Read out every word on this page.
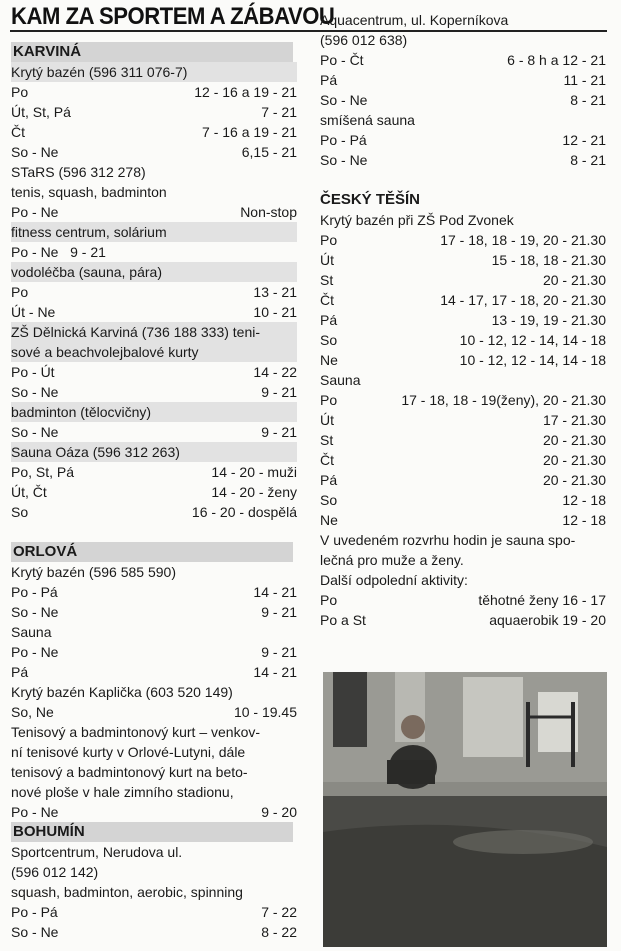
KAM ZA SPORTEM A ZÁBAVOU
KARVINÁ
Krytý bazén (596 311 076-7)
Po	12 - 16 a 19 - 21
Út, St, Pá	7 - 21
Čt	7 - 16 a 19 - 21
So - Ne	6,15 - 21
STaRS (596 312 278)
tenis, squash, badminton
Po - Ne	Non-stop
fitness centrum, solárium
Po - Ne   9 - 21
vodoléčba (sauna, pára)
Po	13 - 21
Út - Ne	10 - 21
ZŠ Dělnická Karviná (736 188 333) teni-
sové a beachvolejbalové kurty
Po - Út	14 - 22
So - Ne	9 - 21
badminton (tělocvičny)
So - Ne	9 - 21
Sauna Oáza (596 312 263)
Po, St, Pá	14 - 20 - muži
Út, Čt	14 - 20 - ženy
So	16 - 20 - dospělá
ORLOVÁ
Krytý bazén (596 585 590)
Po - Pá	14 - 21
So - Ne	9 - 21
Sauna
Po - Ne	9 - 21
Pá	14 - 21
Krytý bazén Kaplička (603 520 149)
So, Ne	10 - 19.45
Tenisový a badmintonový kurt – venkov-
ní tenisové kurty v Orlové-Lutyni, dále
tenisový a badmintonový kurt na beto-
nové ploše v hale zimního stadionu,
Po - Ne	9 - 20
BOHUMÍN
Sportcentrum, Nerudova ul.
(596 012 142)
squash, badminton, aerobic, spinning
Po - Pá	7 - 22
So - Ne	8 - 22
Aquacentrum, ul. Koperníkova
(596 012 638)
Po - Čt	6 - 8 h a 12 - 21
Pá	11 - 21
So - Ne	8 - 21
smíšená sauna
Po - Pá	12 - 21
So - Ne	8 - 21
ČESKÝ TĚŠÍN
Krytý bazén při ZŠ Pod Zvonek
Po	17 - 18, 18 - 19, 20 - 21.30
Út	15 - 18, 18 - 21.30
St	20 - 21.30
Čt	14 - 17, 17 - 18, 20 - 21.30
Pá	13 - 19, 19 - 21.30
So	10 - 12, 12 - 14, 14 - 18
Ne	10 - 12, 12 - 14, 14 - 18
Sauna
Po	17 - 18, 18 - 19(ženy), 20 - 21.30
Út	17 - 21.30
St	20 - 21.30
Čt	20 - 21.30
Pá	20 - 21.30
So	12 - 18
Ne	12 - 18
V uvedeném rozvrhu hodin je sauna spo-
lečná pro muže a ženy.
Další odpolední aktivity:
Po	těhotné ženy 16 - 17
Po a St	aquaerobik 19 - 20
